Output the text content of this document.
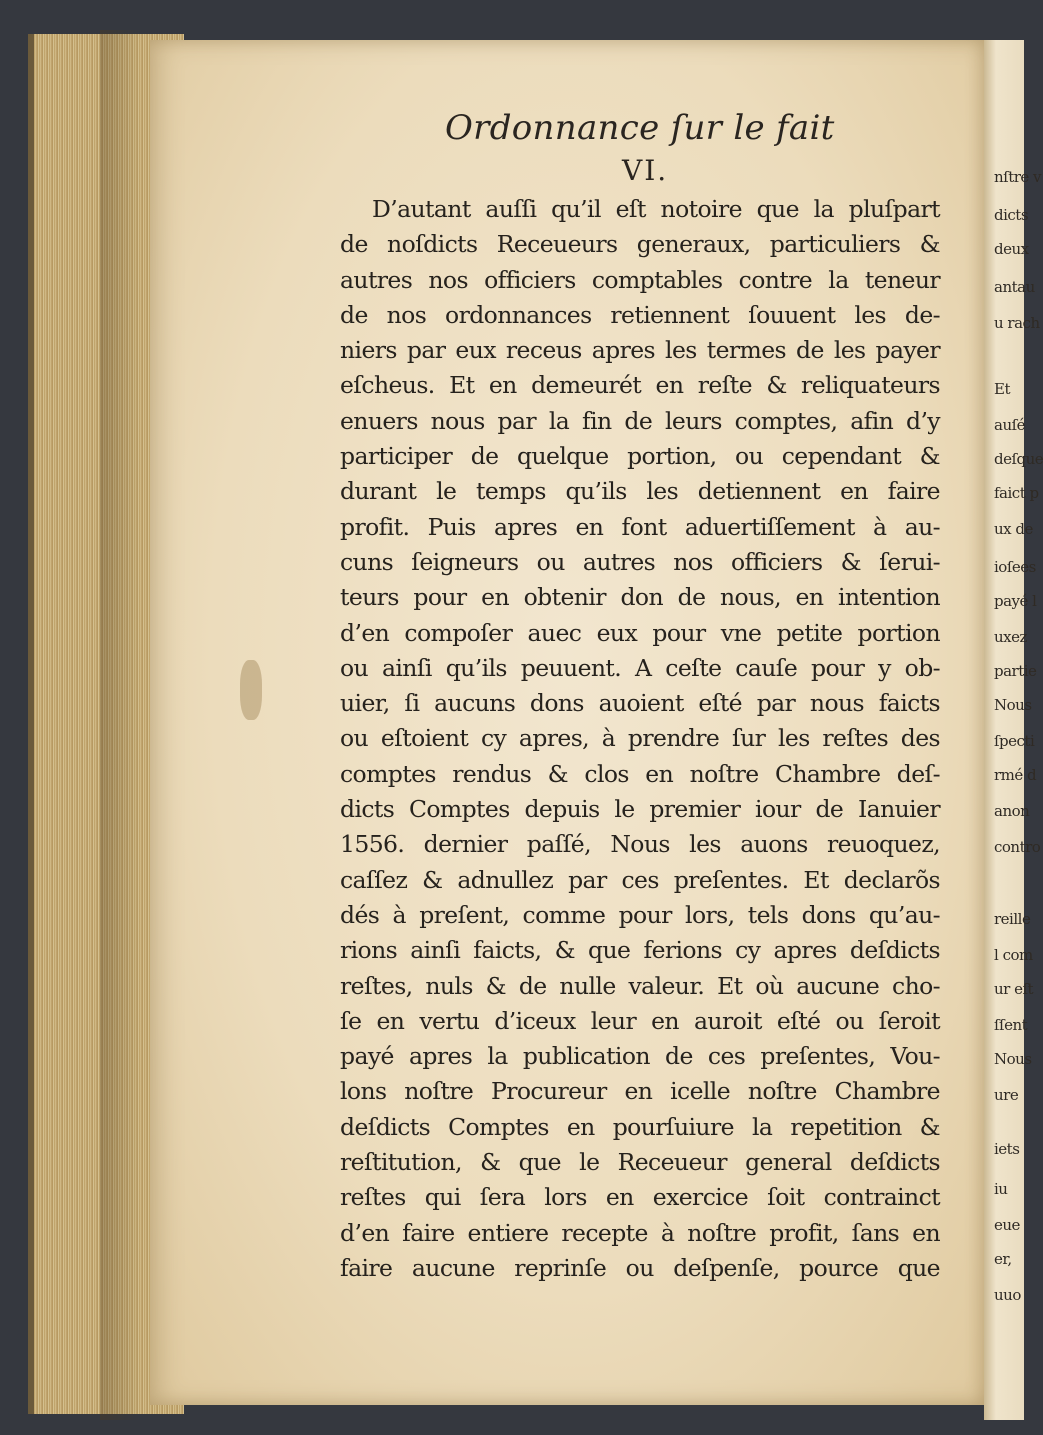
nſtre v
dicts
deux
antau
u rach
Et
auſé
deſque
faict p
ux de
ioſees
payé l
uxez
partie
Nous
ſpecti
rmé d
anon
contro
reille
l com
ur eſt
ſſent
Nous
ure
iets
iu
eue
er,
uuo
Ordonnance ſur le fait
VI.
D’autant auſſi qu’il eſt notoire que la pluſpart
de noſdicts Receueurs generaux, particuliers &
autres nos officiers comptables contre la teneur
de nos ordonnances retiennent ſouuent les de-
niers par eux receus apres les termes de les payer
eſcheus. Et en demeurét en reſte & reliquateurs
enuers nous par la fin de leurs comptes, afin d’y
participer de quelque portion, ou cependant &
durant le temps qu’ils les detiennent en faire
profit. Puis apres en font aduertiſſement à au-
cuns ſeigneurs ou autres nos officiers & ſerui-
teurs pour en obtenir don de nous, en intention
d’en compoſer auec eux pour vne petite portion
ou ainſi qu’ils peuuent. A ceſte cauſe pour y ob-
uier, ſi aucuns dons auoient eſté par nous faicts
ou eſtoient cy apres, à prendre ſur les reſtes des
comptes rendus & clos en noſtre Chambre deſ-
dicts Comptes depuis le premier iour de Ianuier
1556. dernier paſſé, Nous les auons reuoquez,
caſſez & adnullez par ces preſentes. Et declarõs
dés à preſent, comme pour lors, tels dons qu’au-
rions ainſi faicts, & que ferions cy apres deſdicts
reſtes, nuls & de nulle valeur. Et où aucune cho-
ſe en vertu d’iceux leur en auroit eſté ou ſeroit
payé apres la publication de ces preſentes, Vou-
lons noſtre Procureur en icelle noſtre Chambre
deſdicts Comptes en pourſuiure la repetition &
reſtitution, & que le Receueur general deſdicts
reſtes qui ſera lors en exercice ſoit contrainct
d’en faire entiere recepte à noſtre profit, ſans en
faire aucune reprinſe ou deſpenſe, pource que
